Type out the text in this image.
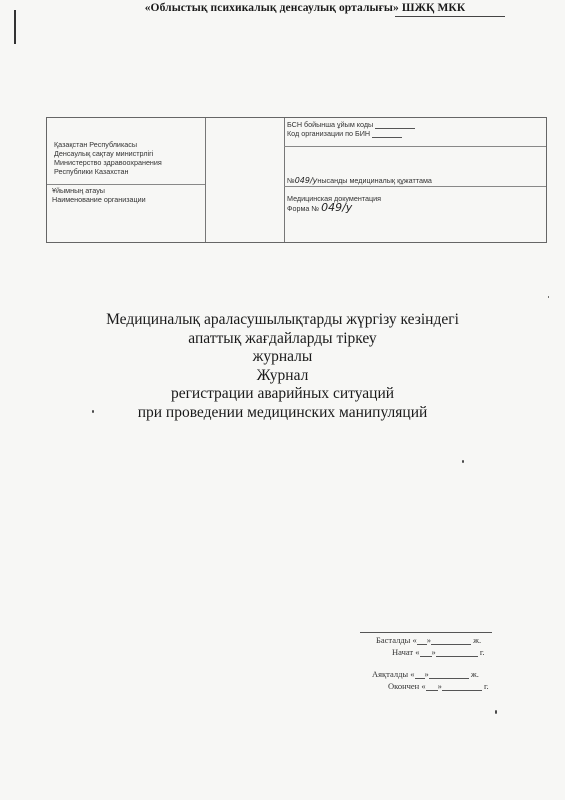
«Облыстық психикалық денсаулық орталығы» ШЖҚ МКК
Қазақстан Республикасы
Денсаулық сақтау министрлігі
Министерство здравоохранения
Республики Казахстан
Ұйымның атауы
Наименование организации
БСН бойынша ұйым коды
Код организации по БИН
№049/унысанды медициналық құжаттама
Медицинская документация
Форма № 049/у
Медициналық араласушылықтарды жүргізу кезіндегі
апаттық жағдайларды тіркеу
журналы
Журнал
регистрации аварийных ситуаций
при проведении медицинских манипуляций
Басталды « »	ж.
Начат « »	г.
Аяқталды « »	ж.
Окончен « »	г.
